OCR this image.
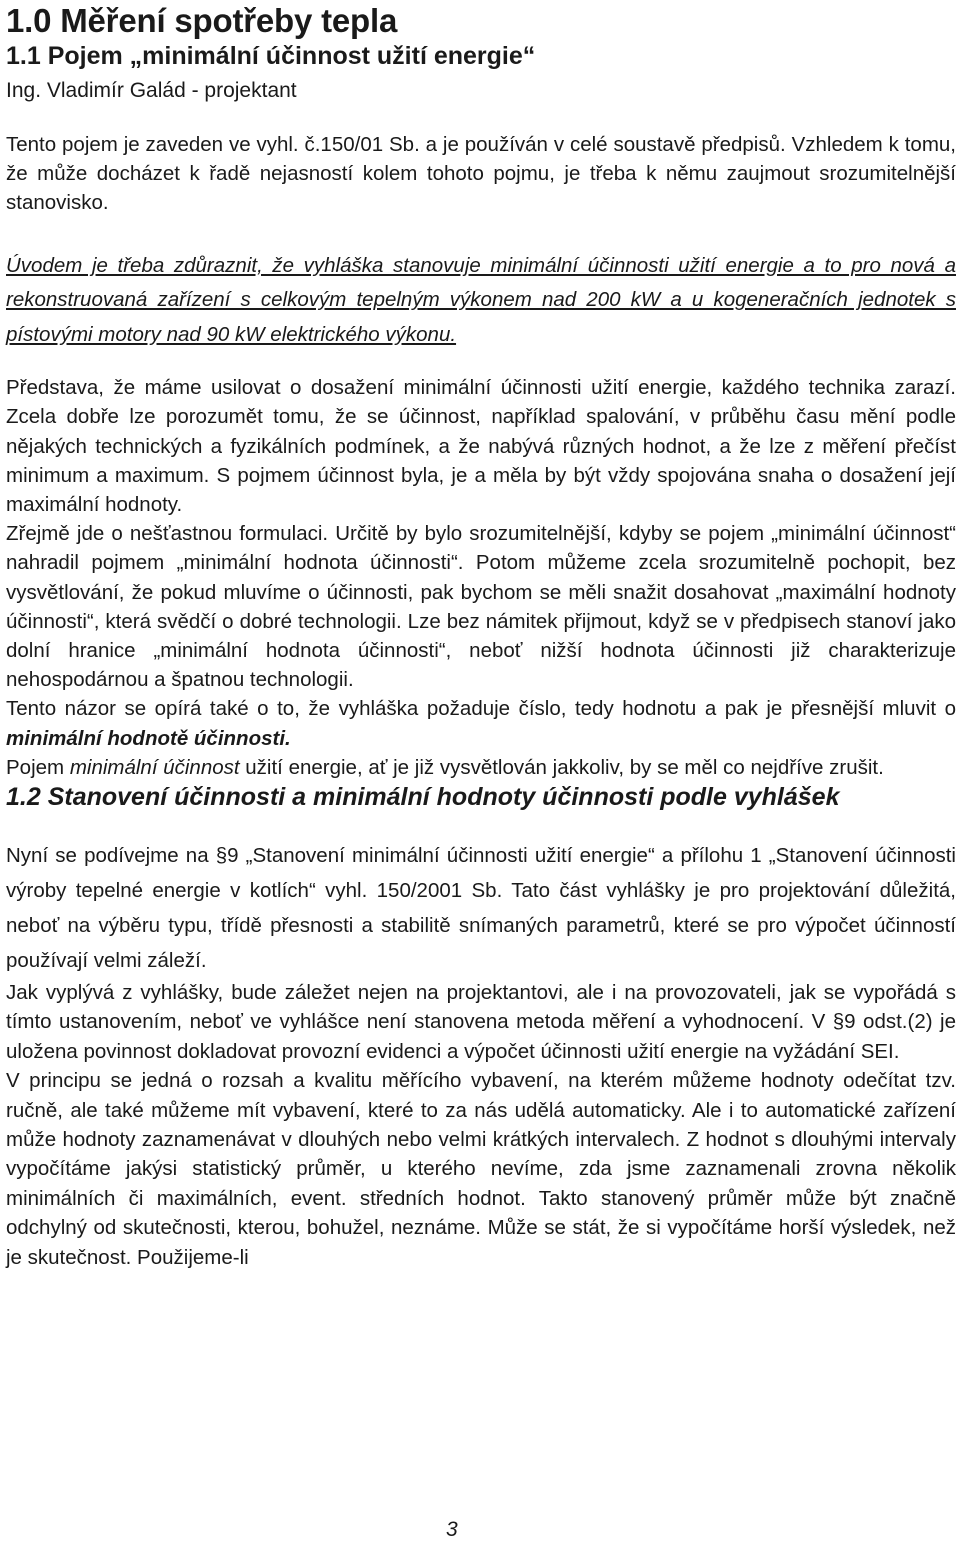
1.0 Měření spotřeby tepla
1.1 Pojem „minimální účinnost užití energie“
Ing. Vladimír Galád - projektant

Tento pojem je zaveden ve vyhl. č.150/01 Sb. a je používán v celé soustavě předpisů. Vzhledem k tomu, že může docházet k řadě nejasností kolem tohoto pojmu, je třeba k němu zaujmout srozumitelnější stanovisko.

Úvodem je třeba zdůraznit, že vyhláška stanovuje minimální účinnosti užití energie a to pro nová a rekonstruovaná zařízení s celkovým tepelným výkonem nad 200 kW a u kogeneračních jednotek s pístovými motory nad 90 kW elektrického výkonu.

Představa, že máme usilovat o dosažení minimální účinnosti užití energie, každého technika zarazí. Zcela dobře lze porozumět tomu, že se účinnost, například spalování, v průběhu času mění podle nějakých technických a fyzikálních podmínek, a že nabývá různých hodnot, a že lze z měření přečíst minimum a maximum. S pojmem účinnost byla, je a měla by být vždy spojována snaha o dosažení její maximální hodnoty.

Zřejmě jde o nešťastnou formulaci. Určitě by bylo srozumitelnější, kdyby se pojem „minimální účinnost“ nahradil pojmem „minimální hodnota účinnosti“. Potom můžeme zcela srozumitelně pochopit, bez vysvětlování, že pokud mluvíme o účinnosti, pak bychom se měli snažit dosahovat „maximální hodnoty účinnosti“, která svědčí o dobré technologii. Lze bez námitek přijmout, když se v předpisech stanoví jako dolní hranice „minimální hodnota účinnosti“, neboť nižší hodnota účinnosti již charakterizuje nehospodárnou a špatnou technologii.

Tento názor se opírá také o to, že vyhláška požaduje číslo, tedy hodnotu a pak je přesnější mluvit o minimální hodnotě účinnosti.

Pojem minimální účinnost užití energie, ať je již vysvětlován jakkoliv, by se měl co nejdříve zrušit.

1.2 Stanovení účinnosti a minimální hodnoty účinnosti podle vyhlášek

Nyní se podívejme na §9 „Stanovení minimální účinnosti užití energie“ a přílohu 1 „Stanovení účinnosti výroby tepelné energie v kotlích“ vyhl. 150/2001 Sb. Tato část vyhlášky je pro projektování důležitá, neboť na výběru typu, třídě přesnosti a stabilitě snímaných parametrů, které se pro výpočet účinností používají velmi záleží.

Jak vyplývá z vyhlášky, bude záležet nejen na projektantovi, ale i na provozovateli, jak se vypořádá s tímto ustanovením, neboť ve vyhlášce není stanovena metoda měření a vyhodnocení. V §9 odst.(2) je uložena povinnost dokladovat provozní evidenci a výpočet účinnosti užití energie na vyžádání SEI.

V principu se jedná o rozsah a kvalitu měřícího vybavení, na kterém můžeme hodnoty odečítat tzv. ručně, ale také můžeme mít vybavení, které to za nás udělá automaticky. Ale i to automatické zařízení může hodnoty zaznamenávat v dlouhých nebo velmi krátkých intervalech. Z hodnot s dlouhými intervaly vypočítáme jakýsi statistický průměr, u kterého nevíme, zda jsme zaznamenali zrovna několik minimálních či maximálních, event. středních hodnot. Takto stanovený průměr může být značně odchylný od skutečnosti, kterou, bohužel, neznáme. Může se stát, že si vypočítáme horší výsledek, než je skutečnost. Použijeme-li

3
